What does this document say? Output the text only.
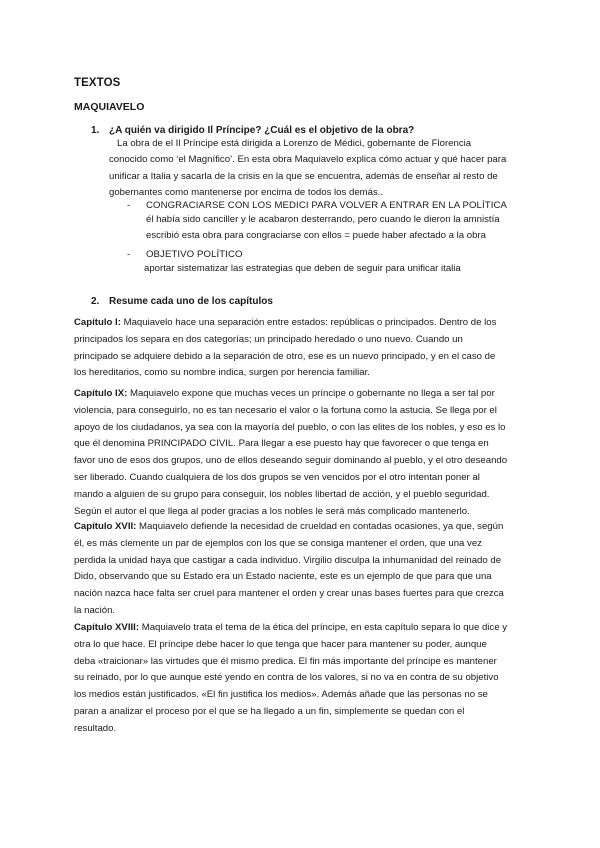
TEXTOS
MAQUIAVELO
1. ¿A quién va dirigido Il Príncipe? ¿Cuál es el objetivo de la obra?
La obra de el Il Príncipe está dirigida a Lorenzo de Médici, gobernante de Florencia
conocido como ‘el Magnífico’. En esta obra Maquiavelo explica cómo actuar y qué hacer para
unificar a Italia y sacarla de la crisis en la que se encuentra, además de enseñar al resto de
gobernantes como mantenerse por encima de todos los demás..
- CONGRACIARSE CON LOS MEDICI PARA VOLVER A ENTRAR EN LA POLÍTICA
él había sido canciller y le acabaron desterrando, pero cuando le dieron la amnistía
escribió esta obra para congraciarse con ellos = puede haber afectado a la obra
- OBJETIVO POLÍTICO
aportar sistematizar las estrategias que deben de seguir para unificar italia
2. Resume cada uno de los capítulos
Capítulo I: Maquiavelo hace una separación entre estados: repúblicas o principados. Dentro de los
principados los separa en dos categorías; un principado heredado o uno nuevo. Cuando un
principado se adquiere debido a la separación de otro, ese es un nuevo principado, y en el caso de
los hereditarios, como su nombre indica, surgen por herencia familiar.
Capítulo IX: Maquiavelo expone que muchas veces un príncipe o gobernante no llega a ser tal por
violencia, para conseguirlo, no es tan necesario el valor o la fortuna como la astucia. Se llega por el
apoyo de los ciudadanos, ya sea con la mayoría del pueblo, o con las elites de los nobles, y eso es lo
que él denomina PRINCIPADO CIVIL. Para llegar a ese puesto hay que favorecer o que tenga en
favor uno de esos dos grupos, uno de ellos deseando seguir dominando al pueblo, y el otro deseando
ser liberado. Cuando cualquiera de los dos grupos se ven vencidos por el otro intentan poner al
mando a alguien de su grupo para conseguir, los nobles libertad de acción, y el pueblo seguridad.
Según el autor el que llega al poder gracias a los nobles le será más complicado mantenerlo.
Capítulo XVII: Maquiavelo defiende la necesidad de crueldad en contadas ocasiones, ya que, según
él, es más clemente un par de ejemplos con los que se consiga mantener el orden, que una vez
perdida la unidad haya que castigar a cada individuo. Virgilio disculpa la inhumanidad del reinado de
Dido, observando que su Estado era un Estado naciente, este es un ejemplo de que para que una
nación nazca hace falta ser cruel para mantener el orden y crear unas bases fuertes para que crezca
la nación.
Capítulo XVIII: Maquiavelo trata el tema de la ética del príncipe, en esta capítulo separa lo que dice y
otra lo que hace. El príncipe debe hacer lo que tenga que hacer para mantener su poder, aunque
deba «traicionar» las virtudes que él mismo predica. El fin más importante del príncipe es mantener
su reinado, por lo que aunque esté yendo en contra de los valores, si no va en contra de su objetivo
los medios están justificados. «El fin justifica los medios». Además añade que las personas no se
paran a analizar el proceso por el que se ha llegado a un fin, simplemente se quedan con el
resultado.
